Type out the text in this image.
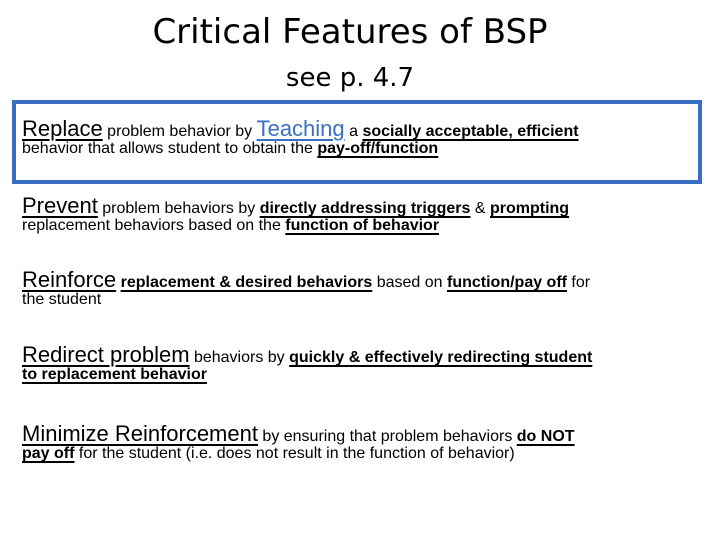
Critical Features of BSP
see p. 4.7
Replace problem behavior by Teaching a socially acceptable, efficient
behavior that allows student to obtain the pay-off/function
Prevent problem behaviors by directly addressing triggers & prompting
replacement behaviors based on the function of behavior
Reinforce replacement & desired behaviors based on function/pay off for
the student
Redirect problem behaviors by quickly & effectively redirecting student
to replacement behavior
Minimize Reinforcement by ensuring that problem behaviors do NOT
pay off for the student (i.e. does not result in the function of behavior)
